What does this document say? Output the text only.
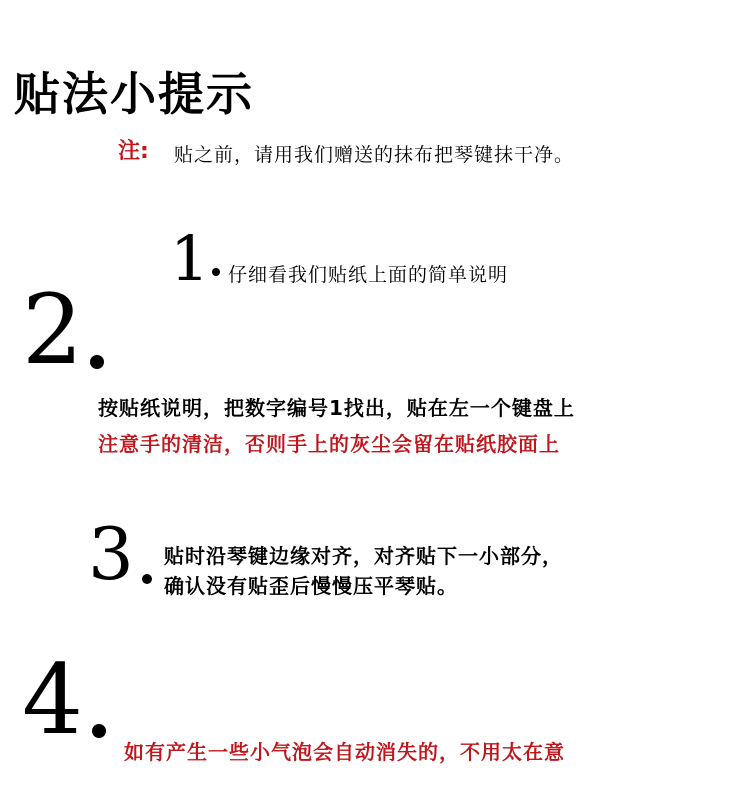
贴法小提示
注: 贴之前，请用我们赠送的抹布把琴键抹干净。
1 仔细看我们贴纸上面的简单说明
2
按贴纸说明，把数字编号1找出，贴在左一个键盘上
注意手的清洁，否则手上的灰尘会留在贴纸胶面上
3 贴时沿琴键边缘对齐，对齐贴下一小部分，
确认没有贴歪后慢慢压平琴贴。
4 如有产生一些小气泡会自动消失的，不用太在意
